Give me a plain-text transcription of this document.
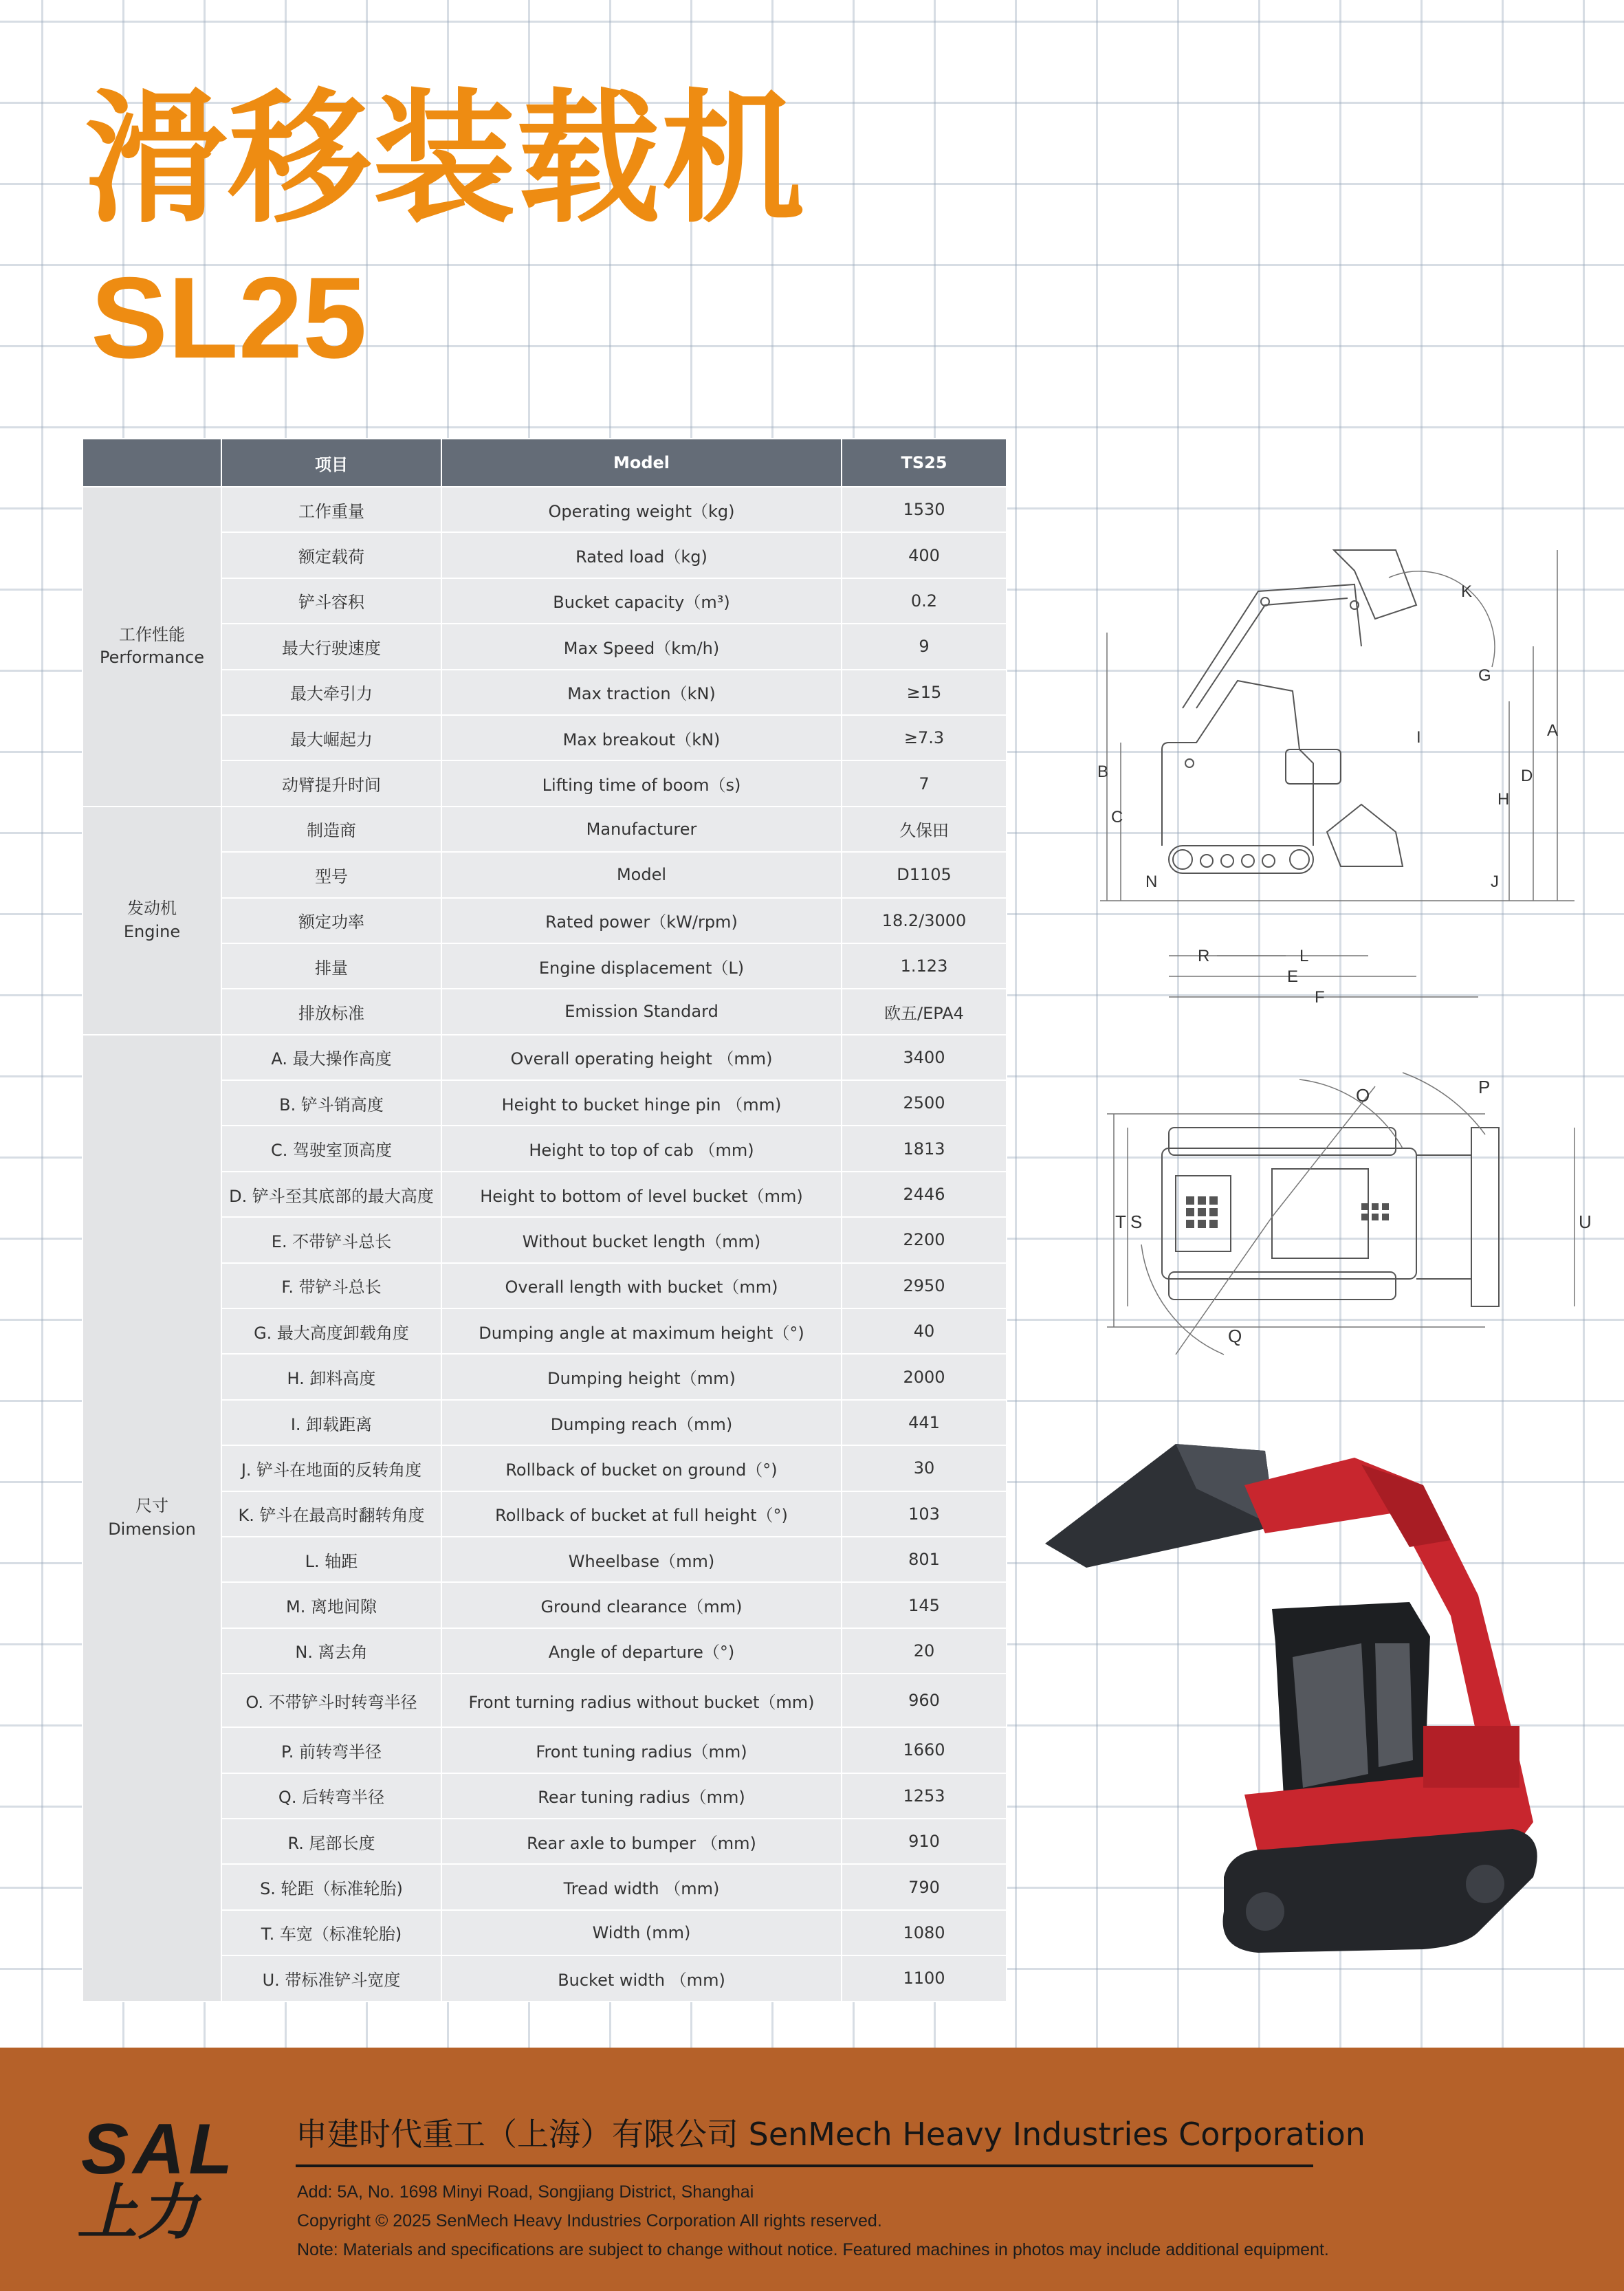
滑移装载机
SL25
	项目	Model	TS25
工作性能
Performance	工作重量	Operating weight（kg)	1530
	额定载荷	Rated load（kg)	400
	铲斗容积	Bucket capacity（m³)	0.2
	最大行驶速度	Max Speed（km/h)	9
	最大牵引力	Max traction（kN)	≥15
	最大崛起力	Max breakout（kN)	≥7.3
	动臂提升时间	Lifting time of boom（s)	7
发动机
Engine	制造商	Manufacturer	久保田
	型号	Model	D1105
	额定功率	Rated power（kW/rpm)	18.2/3000
	排量	Engine displacement（L)	1.123
	排放标准	Emission Standard	欧五/EPA4
尺寸
Dimension	A. 最大操作高度	Overall operating height （mm)	3400
	B. 铲斗销高度	Height to bucket hinge pin （mm)	2500
	C. 驾驶室顶高度	Height to top of cab （mm)	1813
	D. 铲斗至其底部的最大高度	Height to bottom of level bucket（mm)	2446
	E. 不带铲斗总长	Without bucket length（mm)	2200
	F. 带铲斗总长	Overall length with bucket（mm)	2950
	G. 最大高度卸载角度	Dumping angle at maximum height（°)	40
	H. 卸料高度	Dumping height（mm)	2000
	I. 卸载距离	Dumping reach（mm)	441
	J. 铲斗在地面的反转角度	Rollback of bucket on ground（°)	30
	K. 铲斗在最高时翻转角度	Rollback of bucket at full height（°)	103
	L. 轴距	Wheelbase（mm)	801
	M. 离地间隙	Ground clearance（mm)	145
	N. 离去角	Angle of departure（°)	20
	O. 不带铲斗时转弯半径	Front turning radius without bucket（mm)	960
	P. 前转弯半径	Front tuning radius（mm)	1660
	Q. 后转弯半径	Rear tuning radius（mm)	1253
	R. 尾部长度	Rear axle to bumper （mm)	910
	S. 轮距（标准轮胎)	Tread width （mm)	790
	T. 车宽（标准轮胎)	Width (mm)	1080
	U. 带标准铲斗宽度	Bucket width （mm)	1100
K
G
I	A
D
H
B
C
N	J
R	L
E
F
O	P
Q
S
T	U
SAL
上力
申建时代重工（上海）有限公司 SenMech Heavy Industries Corporation
Add: 5A, No. 1698 Minyi Road, Songjiang District, Shanghai
Copyright © 2025 SenMech Heavy Industries Corporation All rights reserved.
Note: Materials and specifications are subject to change without notice. Featured machines in photos may include additional equipment.
